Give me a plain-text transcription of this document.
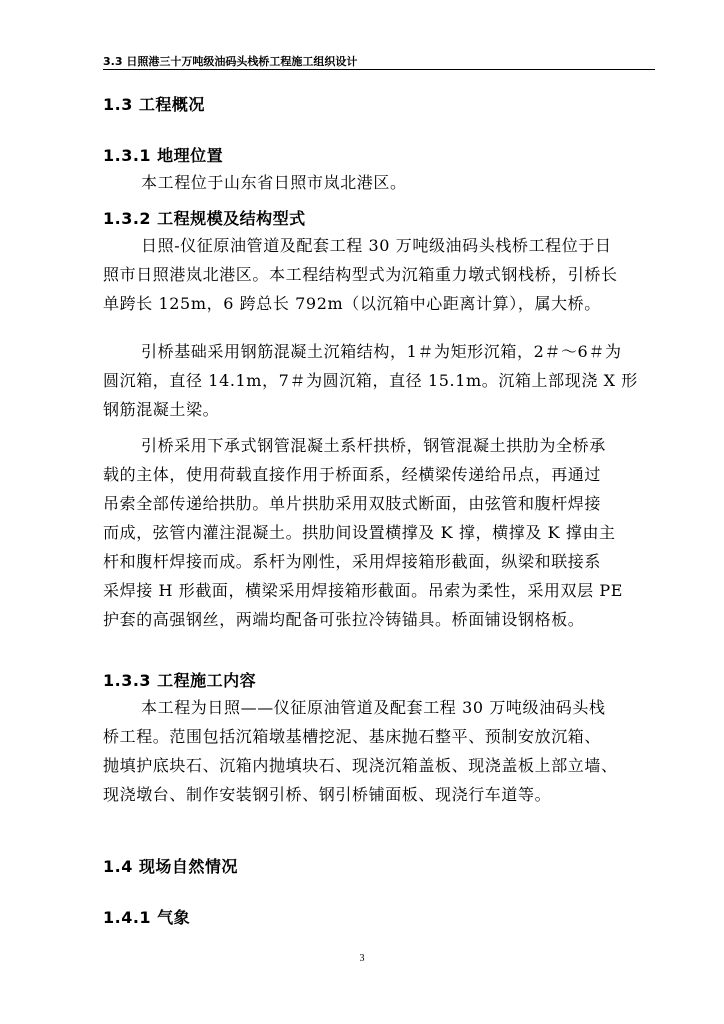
3.3 日照港三十万吨级油码头栈桥工程施工组织设计
1.3 工程概况
1.3.1 地理位置
本工程位于山东省日照市岚北港区。
1.3.2 工程规模及结构型式
日照-仪征原油管道及配套工程 30 万吨级油码头栈桥工程位于日
照市日照港岚北港区。本工程结构型式为沉箱重力墩式钢栈桥，引桥长
单跨长 125m，6 跨总长 792m（以沉箱中心距离计算），属大桥。
引桥基础采用钢筋混凝土沉箱结构，1＃为矩形沉箱，2＃～6＃为
圆沉箱，直径 14.1m，7＃为圆沉箱，直径 15.1m。沉箱上部现浇 X 形
钢筋混凝土梁。
引桥采用下承式钢管混凝土系杆拱桥，钢管混凝土拱肋为全桥承
载的主体，使用荷载直接作用于桥面系，经横梁传递给吊点，再通过
吊索全部传递给拱肋。单片拱肋采用双肢式断面，由弦管和腹杆焊接
而成，弦管内灌注混凝土。拱肋间设置横撑及 K 撑，横撑及 K 撑由主
杆和腹杆焊接而成。系杆为刚性，采用焊接箱形截面，纵梁和联接系
采焊接 H 形截面，横梁采用焊接箱形截面。吊索为柔性，采用双层 PE
护套的高强钢丝，两端均配备可张拉冷铸锚具。桥面铺设钢格板。
1.3.3 工程施工内容
本工程为日照——仪征原油管道及配套工程 30 万吨级油码头栈
桥工程。范围包括沉箱墩基槽挖泥、基床抛石整平、预制安放沉箱、
抛填护底块石、沉箱内抛填块石、现浇沉箱盖板、现浇盖板上部立墙、
现浇墩台、制作安装钢引桥、钢引桥铺面板、现浇行车道等。
1.4 现场自然情况
1.4.1 气象
3
